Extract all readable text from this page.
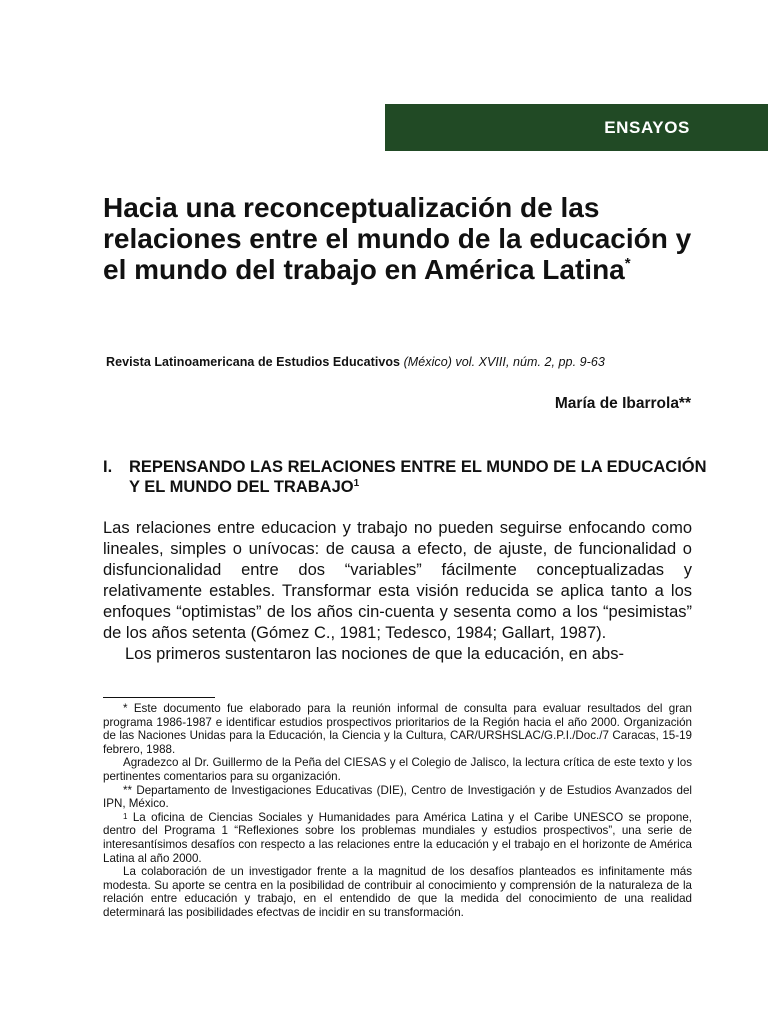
ENSAYOS
Hacia una reconceptualización de las relaciones entre el mundo de la educación y el mundo del trabajo en América Latina*
Revista Latinoamericana de Estudios Educativos (México) vol. XVIII, núm. 2, pp. 9-63
María de Ibarrola**
I. REPENSANDO LAS RELACIONES ENTRE EL MUNDO DE LA EDUCACIÓN Y EL MUNDO DEL TRABAJO$^1$

Las relaciones entre educacion y trabajo no pueden seguirse enfocando como lineales, simples o unívocas: de causa a efecto, de ajuste, de funcionalidad o disfuncionalidad entre dos “variables” fácilmente conceptualizadas y relativamente estables. Transformar esta visión reducida se aplica tanto a los enfoques “optimistas” de los años cin-cuenta y sesenta como a los “pesimistas” de los años setenta (Gómez C., 1981; Tedesco, 1984; Gallart, 1987).

Los primeros sustentaron las nociones de que la educación, en abs-

* Este documento fue elaborado para la reunión informal de consulta para evaluar resultados del gran programa 1986-1987 e identificar estudios prospectivos prioritarios de la Región hacia el año 2000. Organización de las Naciones Unidas para la Educación, la Ciencia y la Cultura, CAR/URSHSLAC/G.P.I./Doc./7 Caracas, 15-19 febrero, 1988.

Agradezco al Dr. Guillermo de la Peña del CIESAS y el Colegio de Jalisco, la lectura crítica de este texto y los pertinentes comentarios para su organización.

** Departamento de Investigaciones Educativas (DIE), Centro de Investigación y de Estudios Avanzados del IPN, México.

$^1$ La oficina de Ciencias Sociales y Humanidades para América Latina y el Caribe UNESCO se propone, dentro del Programa 1 “Reflexiones sobre los problemas mundiales y estudios prospectivos”, una serie de interesantísimos desafíos con respecto a las relaciones entre la educación y el trabajo en el horizonte de América Latina al año 2000.

La colaboración de un investigador frente a la magnitud de los desafíos planteados es infinitamente más modesta. Su aporte se centra en la posibilidad de contribuir al conocimiento y comprensión de la naturaleza de la relación entre educación y trabajo, en el entendido de que la medida del conocimiento de una realidad determinará las posibilidades efectvas de incidir en su transformación.
